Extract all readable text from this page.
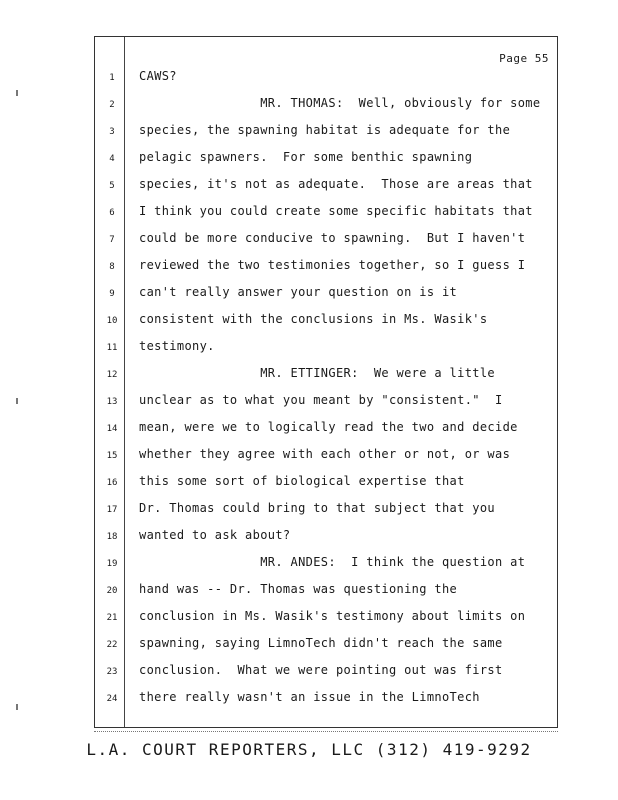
Page 55
1	CAWS?
2	MR. THOMAS:  Well, obviously for some
3	species, the spawning habitat is adequate for the
4	pelagic spawners.  For some benthic spawning
5	species, it's not as adequate.  Those are areas that
6	I think you could create some specific habitats that
7	could be more conducive to spawning.  But I haven't
8	reviewed the two testimonies together, so I guess I
9	can't really answer your question on is it
10	consistent with the conclusions in Ms. Wasik's
11	testimony.
12	MR. ETTINGER:  We were a little
13	unclear as to what you meant by "consistent."  I
14	mean, were we to logically read the two and decide
15	whether they agree with each other or not, or was
16	this some sort of biological expertise that
17	Dr. Thomas could bring to that subject that you
18	wanted to ask about?
19	MR. ANDES:  I think the question at
20	hand was -- Dr. Thomas was questioning the
21	conclusion in Ms. Wasik's testimony about limits on
22	spawning, saying LimnoTech didn't reach the same
23	conclusion.  What we were pointing out was first
24	there really wasn't an issue in the LimnoTech
L.A. COURT REPORTERS, LLC (312) 419-9292
